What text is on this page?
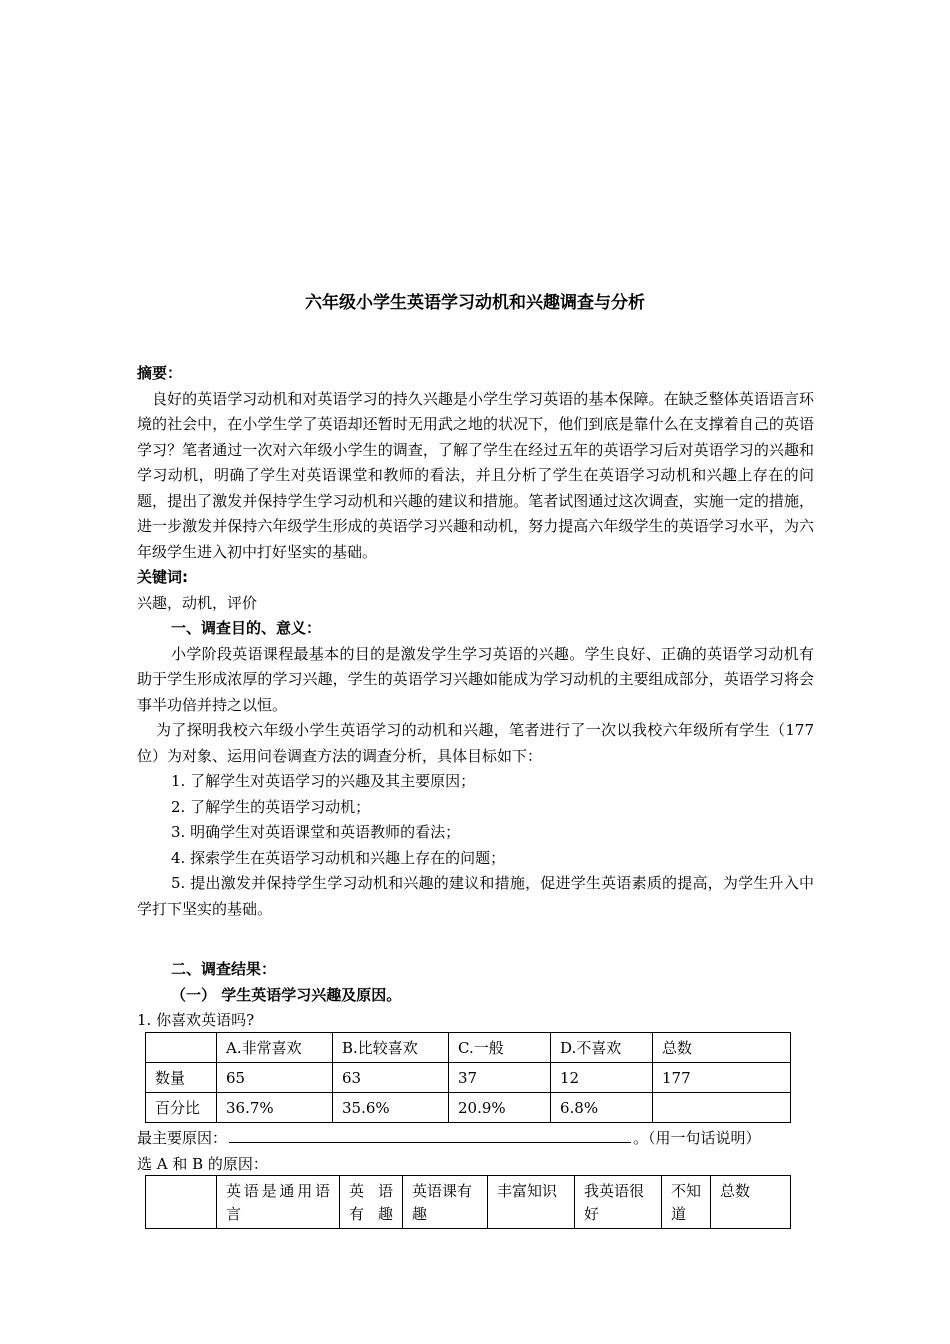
六年级小学生英语学习动机和兴趣调查与分析

摘要：

良好的英语学习动机和对英语学习的持久兴趣是小学生学习英语的基本保障。在缺乏整体英语语言环境的社会中，在小学生学了英语却还暂时无用武之地的状况下，他们到底是靠什么在支撑着自己的英语学习？笔者通过一次对六年级小学生的调查，了解了学生在经过五年的英语学习后对英语学习的兴趣和学习动机，明确了学生对英语课堂和教师的看法，并且分析了学生在英语学习动机和兴趣上存在的问题，提出了激发并保持学生学习动机和兴趣的建议和措施。笔者试图通过这次调查，实施一定的措施，进一步激发并保持六年级学生形成的英语学习兴趣和动机，努力提高六年级学生的英语学习水平，为六年级学生进入初中打好坚实的基础。

关键词:

兴趣，动机，评价

一、调查目的、意义：

小学阶段英语课程最基本的目的是激发学生学习英语的兴趣。学生良好、正确的英语学习动机有助于学生形成浓厚的学习兴趣，学生的英语学习兴趣如能成为学习动机的主要组成部分，英语学习将会事半功倍并持之以恒。

为了探明我校六年级小学生英语学习的动机和兴趣，笔者进行了一次以我校六年级所有学生（177位）为对象、运用问卷调查方法的调查分析，具体目标如下：

1. 了解学生对英语学习的兴趣及其主要原因；

2. 了解学生的英语学习动机；

3. 明确学生对英语课堂和英语教师的看法；

4. 探索学生在英语学习动机和兴趣上存在的问题；

5. 提出激发并保持学生学习动机和兴趣的建议和措施，促进学生英语素质的提高，为学生升入中学打下坚实的基础。

二、调查结果：

（一） 学生英语学习兴趣及原因。

1. 你喜欢英语吗?

	A.非常喜欢	B.比较喜欢	C.一般	D.不喜欢	总数
数量	65	63	37	12	177
百分比	36.7%	35.6%	20.9%	6.8%	

最主要原因：	。（用一句话说明）

选 A 和 B 的原因：

	英语是通用语言	英语有趣	英语课有趣	丰富知识	我英语很好	不知道	总数
